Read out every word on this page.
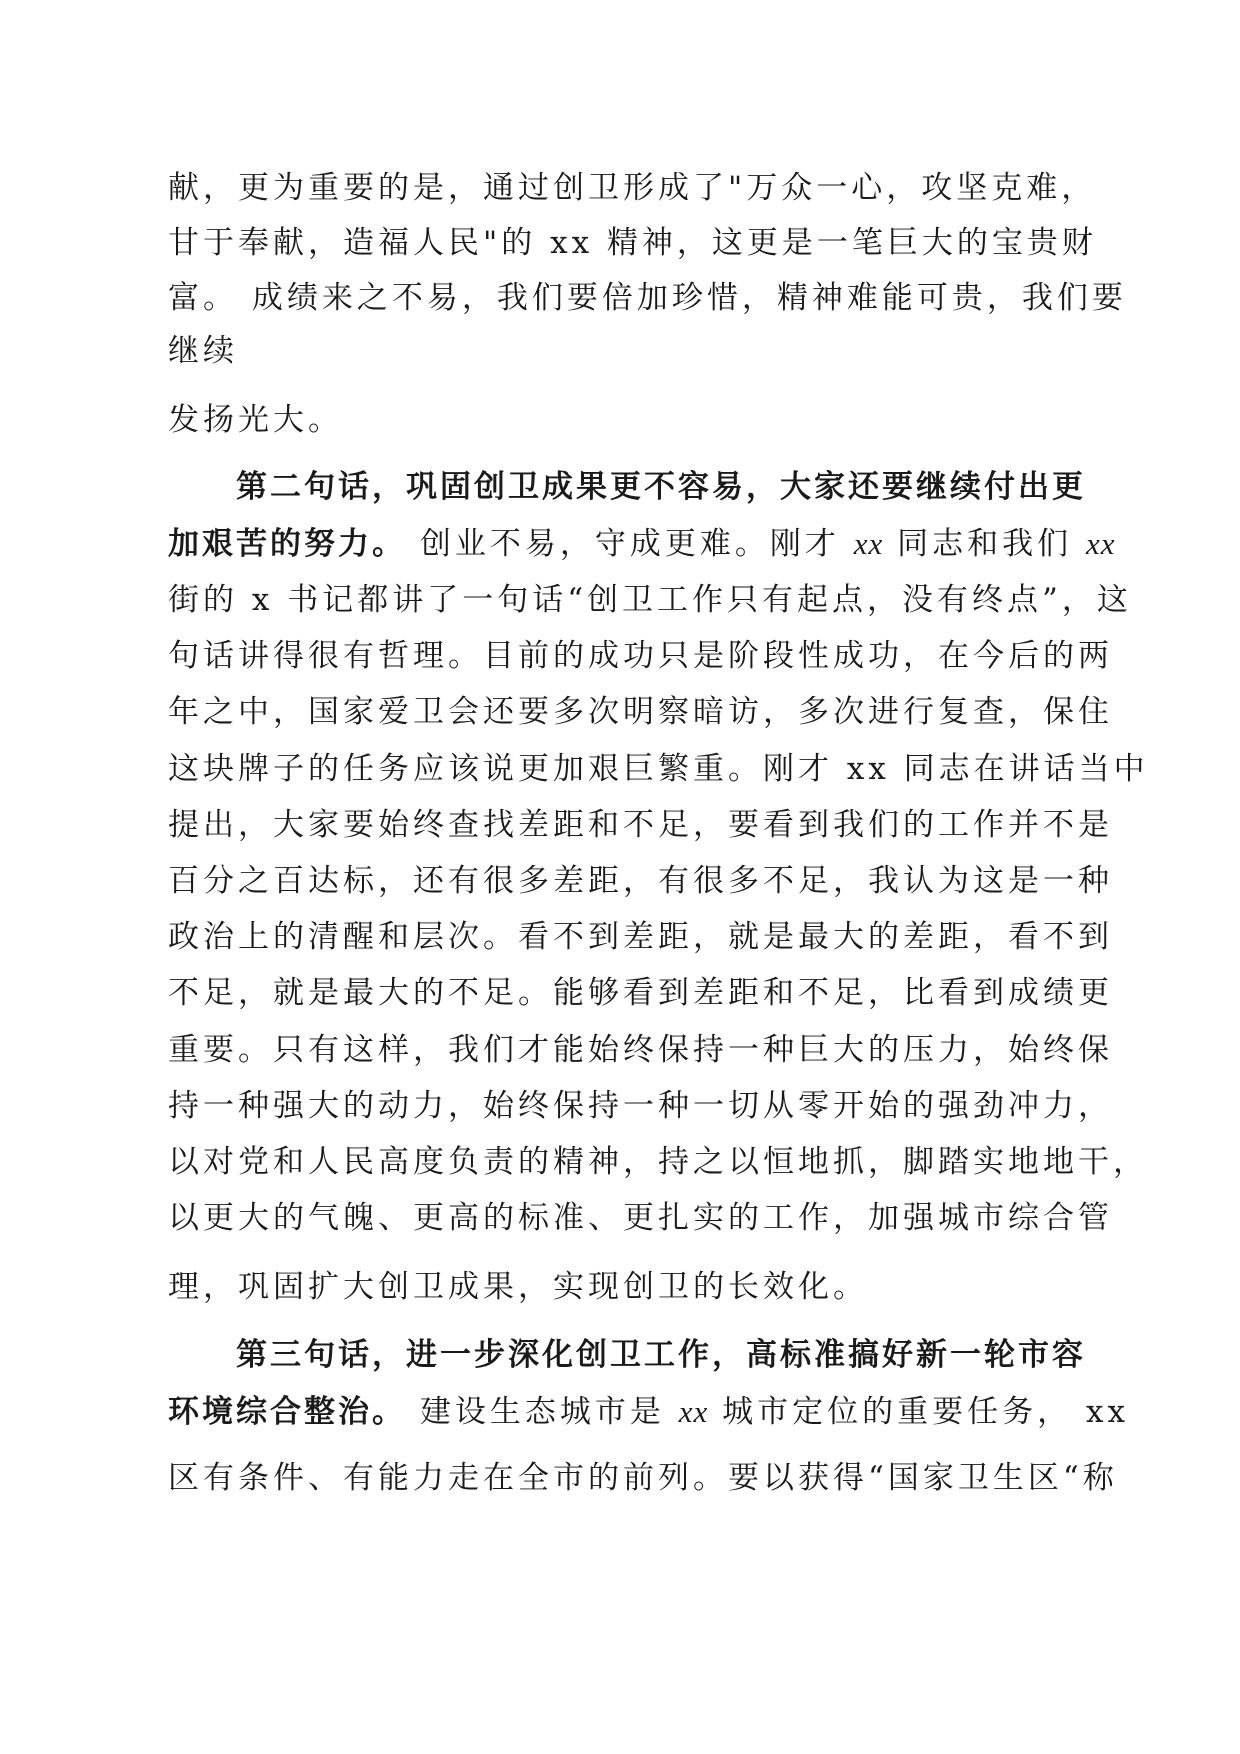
献，更为重要的是，通过创卫形成了"万众一心，攻坚克难，
甘于奉献，造福人民"的 xx 精神，这更是一笔巨大的宝贵财
富。 成绩来之不易，我们要倍加珍惜，精神难能可贵，我们要
继续
发扬光大。
第二句话，巩固创卫成果更不容易，大家还要继续付出更
加艰苦的努力。 创业不易，守成更难。刚才 xx 同志和我们 xx
街的 x 书记都讲了一句话“创卫工作只有起点，没有终点”，这
句话讲得很有哲理。目前的成功只是阶段性成功，在今后的两
年之中，国家爱卫会还要多次明察暗访，多次进行复查，保住
这块牌子的任务应该说更加艰巨繁重。刚才 xx 同志在讲话当中
提出，大家要始终查找差距和不足，要看到我们的工作并不是
百分之百达标，还有很多差距，有很多不足，我认为这是一种
政治上的清醒和层次。看不到差距，就是最大的差距，看不到
不足，就是最大的不足。能够看到差距和不足，比看到成绩更
重要。只有这样，我们才能始终保持一种巨大的压力，始终保
持一种强大的动力，始终保持一种一切从零开始的强劲冲力，
以对党和人民高度负责的精神，持之以恒地抓，脚踏实地地干，
以更大的气魄、更高的标准、更扎实的工作，加强城市综合管
理，巩固扩大创卫成果，实现创卫的长效化。
第三句话，进一步深化创卫工作，高标准搞好新一轮市容
环境综合整治。 建设生态城市是 xx 城市定位的重要任务， xx
区有条件、有能力走在全市的前列。要以获得“国家卫生区“称
